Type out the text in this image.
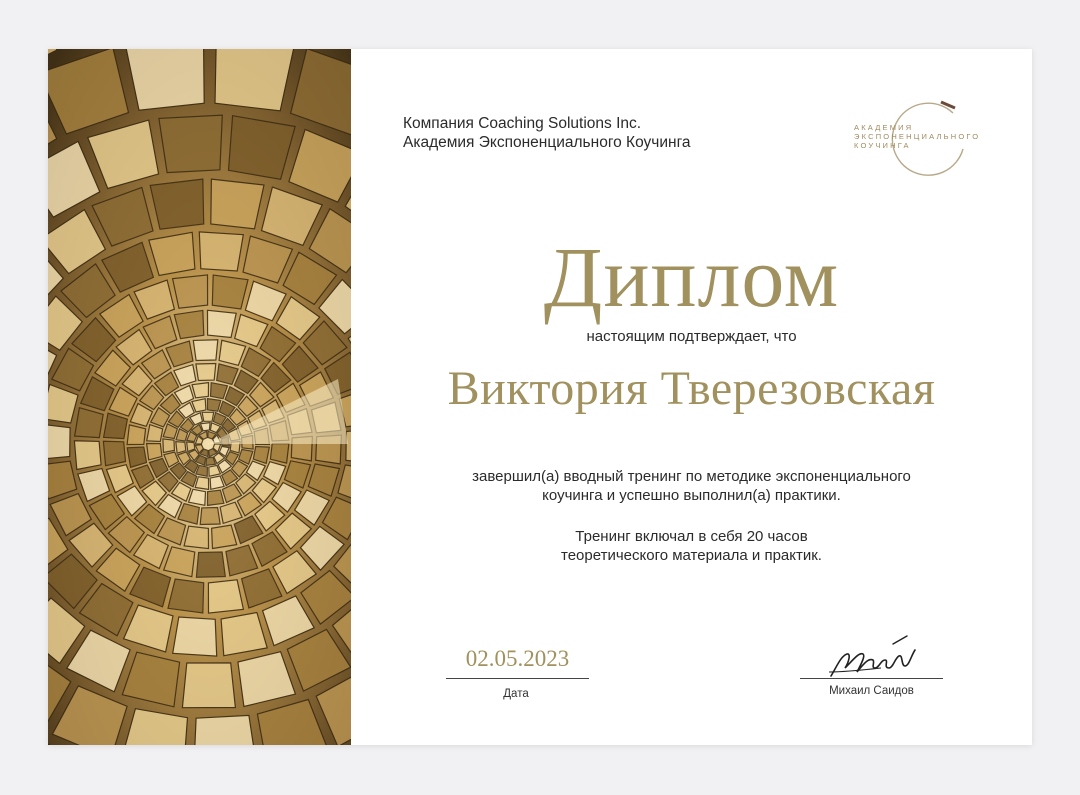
Компания Coaching Solutions Inc.
Академия Экспоненциального Коучинга
АКАДЕМИЯ
ЭКСПОНЕНЦИАЛЬНОГО
КОУЧИНГА
Диплом
настоящим подтверждает, что
Виктория Тверезовская
завершил(а) вводный тренинг по методике экспоненциального
коучинга и успешно выполнил(а) практики.
Тренинг включал в себя 20 часов
теоретического материала и практик.
02.05.2023
Дата	Михаил Саидов
